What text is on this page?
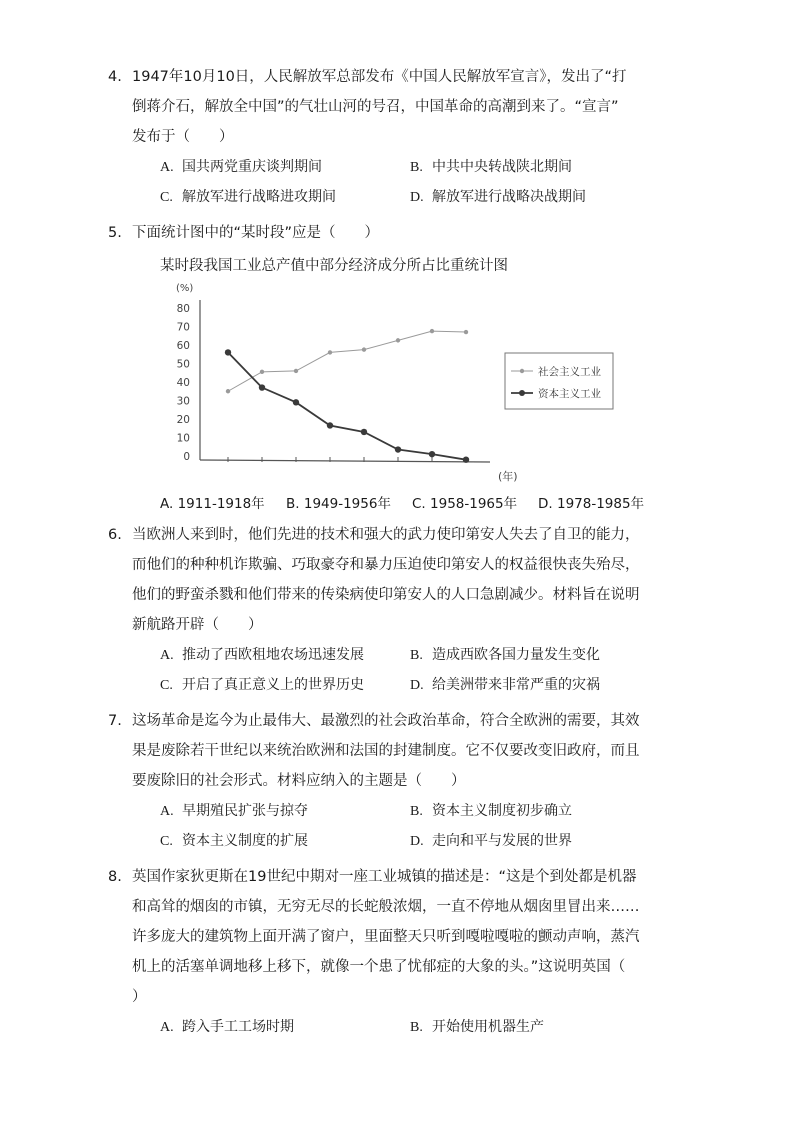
4. 1947年10月10日，人民解放军总部发布《中国人民解放军宣言》，发出了“打

倒蒋介石，解放全中国”的气壮山河的号召，中国革命的高潮到来了。“宣言”

发布于（　　）

A. 国共两党重庆谈判期间	B. 中共中央转战陕北期间
C. 解放军进行战略进攻期间	D. 解放军进行战略决战期间
5. 下面统计图中的“某时段”应是（　　）

某时段我国工业总产值中部分经济成分所占比重统计图
(%)
(年)
0
10
20
30
40
50
60
70
80
社会主义工业
资本主义工业
A. 1911-1918年 B. 1949-1956年 C. 1958-1965年 D. 1978-1985年
6. 当欧洲人来到时，他们先进的技术和强大的武力使印第安人失去了自卫的能力，

而他们的种种机诈欺骗、巧取豪夺和暴力压迫使印第安人的权益很快丧失殆尽，

他们的野蛮杀戮和他们带来的传染病使印第安人的人口急剧减少。材料旨在说明

新航路开辟（　　）

A. 推动了西欧租地农场迅速发展	B. 造成西欧各国力量发生变化
C. 开启了真正意义上的世界历史	D. 给美洲带来非常严重的灾祸
7. 这场革命是迄今为止最伟大、最激烈的社会政治革命，符合全欧洲的需要，其效

果是废除若干世纪以来统治欧洲和法国的封建制度。它不仅要改变旧政府，而且

要废除旧的社会形式。材料应纳入的主题是（　　）

A. 早期殖民扩张与掠夺	B. 资本主义制度初步确立
C. 资本主义制度的扩展	D. 走向和平与发展的世界
8. 英国作家狄更斯在19世纪中期对一座工业城镇的描述是：“这是个到处都是机器

和高耸的烟囱的市镇，无穷无尽的长蛇般浓烟，一直不停地从烟囱里冒出来……

许多庞大的建筑物上面开满了窗户，里面整天只听到嘎啦嘎啦的颤动声响，蒸汽

机上的活塞单调地移上移下，就像一个患了忧郁症的大象的头。”这说明英国（

）

A. 跨入手工工场时期	B. 开始使用机器生产
